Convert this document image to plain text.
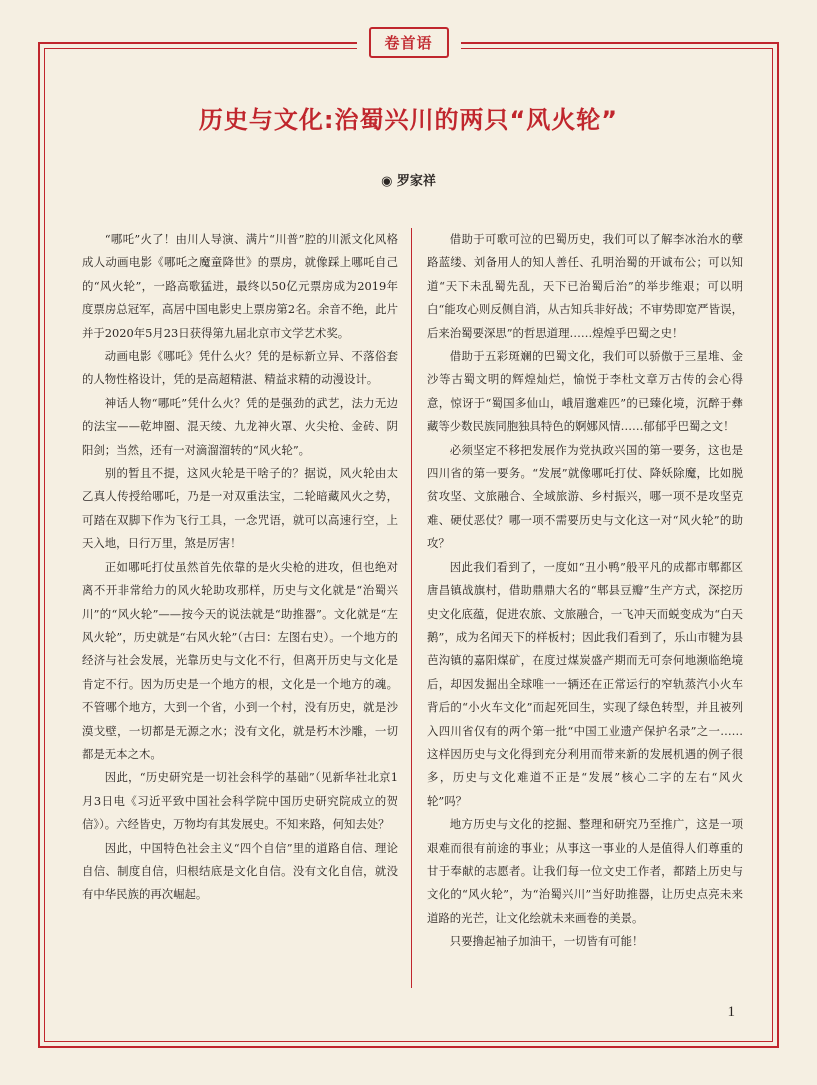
卷首语
历史与文化:治蜀兴川的两只“风火轮”
◉ 罗家祥

“哪吒”火了！由川人导演、满片“川普”腔的川派文化风格成人动画电影《哪吒之魔童降世》的票房，就像踩上哪吒自己的“风火轮”，一路高歌猛进，最终以50亿元票房成为2019年度票房总冠军，高居中国电影史上票房第2名。余音不绝，此片并于2020年5月23日获得第九届北京市文学艺术奖。

动画电影《哪吒》凭什么火？凭的是标新立异、不落俗套的人物性格设计，凭的是高超精湛、精益求精的动漫设计。

神话人物“哪吒”凭什么火？凭的是强劲的武艺，法力无边的法宝——乾坤圈、混天绫、九龙神火罩、火尖枪、金砖、阴阳剑；当然，还有一对滴溜溜转的“风火轮”。

别的暂且不提，这风火轮是干啥子的？据说，风火轮由太乙真人传授给哪吒，乃是一对双重法宝，二轮暗藏风火之势，可踏在双脚下作为飞行工具，一念咒语，就可以高速行空，上天入地，日行万里，煞是厉害！

正如哪吒打仗虽然首先依靠的是火尖枪的进攻，但也绝对离不开非常给力的风火轮助攻那样，历史与文化就是“治蜀兴川”的“风火轮”——按今天的说法就是“助推器”。文化就是“左风火轮”，历史就是“右风火轮”（古曰：左图右史）。一个地方的经济与社会发展，光靠历史与文化不行，但离开历史与文化是肯定不行。因为历史是一个地方的根，文化是一个地方的魂。不管哪个地方，大到一个省，小到一个村，没有历史，就是沙漠戈壁，一切都是无源之水；没有文化，就是朽木沙雕，一切都是无本之木。

因此，“历史研究是一切社会科学的基础”（见新华社北京1月3日电《习近平致中国社会科学院中国历史研究院成立的贺信》）。六经皆史，万物均有其发展史。不知来路，何知去处？

因此，中国特色社会主义“四个自信”里的道路自信、理论自信、制度自信，归根结底是文化自信。没有文化自信，就没有中华民族的再次崛起。

借助于可歌可泣的巴蜀历史，我们可以了解李冰治水的孽路蓝缕、刘备用人的知人善任、孔明治蜀的开诚布公；可以知道“天下未乱蜀先乱，天下已治蜀后治”的举步维艰；可以明白“能攻心则反侧自消，从古知兵非好战；不审势即宽严皆误，后来治蜀要深思”的哲思道理……煌煌乎巴蜀之史！

借助于五彩斑斓的巴蜀文化，我们可以骄傲于三星堆、金沙等古蜀文明的辉煌灿烂，愉悦于李杜文章万古传的会心得意，惊讶于“蜀国多仙山，峨眉邈难匹”的已臻化境，沉醉于彝藏等少数民族同胞独具特色的婀娜风情……郁郁乎巴蜀之文！

必须坚定不移把发展作为党执政兴国的第一要务，这也是四川省的第一要务。“发展”就像哪吒打仗、降妖除魔，比如脱贫攻坚、文旅融合、全域旅游、乡村振兴，哪一项不是攻坚克难、硬仗恶仗？哪一项不需要历史与文化这一对“风火轮”的助攻？

因此我们看到了，一度如“丑小鸭”般平凡的成都市郫都区唐昌镇战旗村，借助鼎鼎大名的“郫县豆瓣”生产方式，深挖历史文化底蕴，促进农旅、文旅融合，一飞冲天而蜕变成为“白天鹅”，成为名闻天下的样板村；因此我们看到了，乐山市犍为县芭沟镇的嘉阳煤矿，在度过煤炭盛产期而无可奈何地濒临绝境后，却因发掘出全球唯一一辆还在正常运行的窄轨蒸汽小火车背后的“小火车文化”而起死回生，实现了绿色转型，并且被列入四川省仅有的两个第一批“中国工业遗产保护名录”之一……这样因历史与文化得到充分利用而带来新的发展机遇的例子很多，历史与文化难道不正是“发展”核心二字的左右“风火轮”吗？

地方历史与文化的挖掘、整理和研究乃至推广，这是一项艰难而很有前途的事业；从事这一事业的人是值得人们尊重的甘于奉献的志愿者。让我们每一位文史工作者，都踏上历史与文化的“风火轮”，为“治蜀兴川”当好助推器，让历史点亮未来道路的光芒，让文化绘就未来画卷的美景。

只要撸起袖子加油干，一切皆有可能！

1
